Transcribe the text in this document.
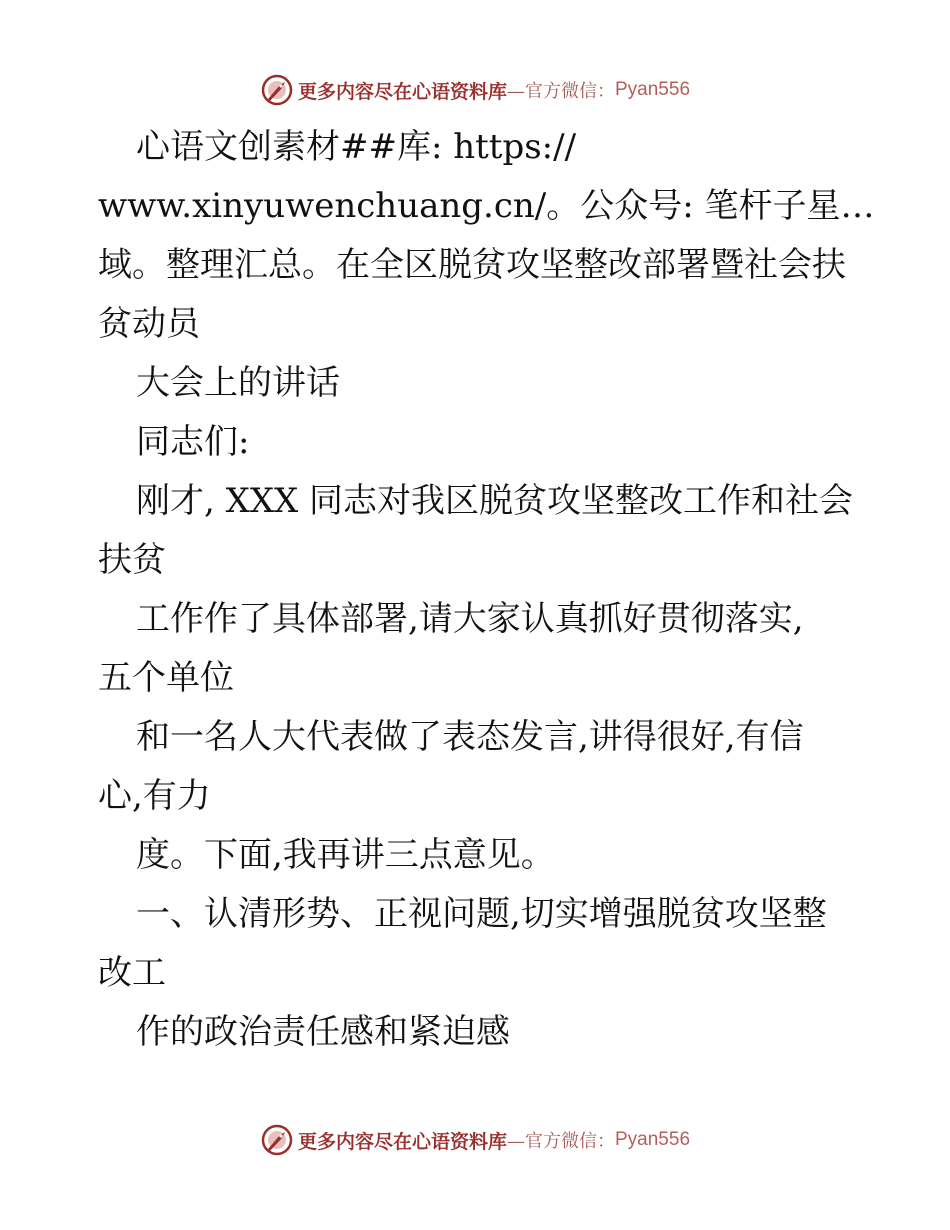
更多内容尽在心语资料库 —官方微信： Pyan556
心语文创素材##库: https://
www.xinyuwenchuang.cn/。公众号: 笔杆子星…
域。整理汇总。在全区脱贫攻坚整改部署暨社会扶
贫动员
大会上的讲话
同志们:
刚才, XXX 同志对我区脱贫攻坚整改工作和社会
扶贫
工作作了具体部署,请大家认真抓好贯彻落实,
五个单位
和一名人大代表做了表态发言,讲得很好,有信
心,有力
度。下面,我再讲三点意见。
一、认清形势、正视问题,切实增强脱贫攻坚整
改工
作的政治责任感和紧迫感
更多内容尽在心语资料库 —官方微信： Pyan556
